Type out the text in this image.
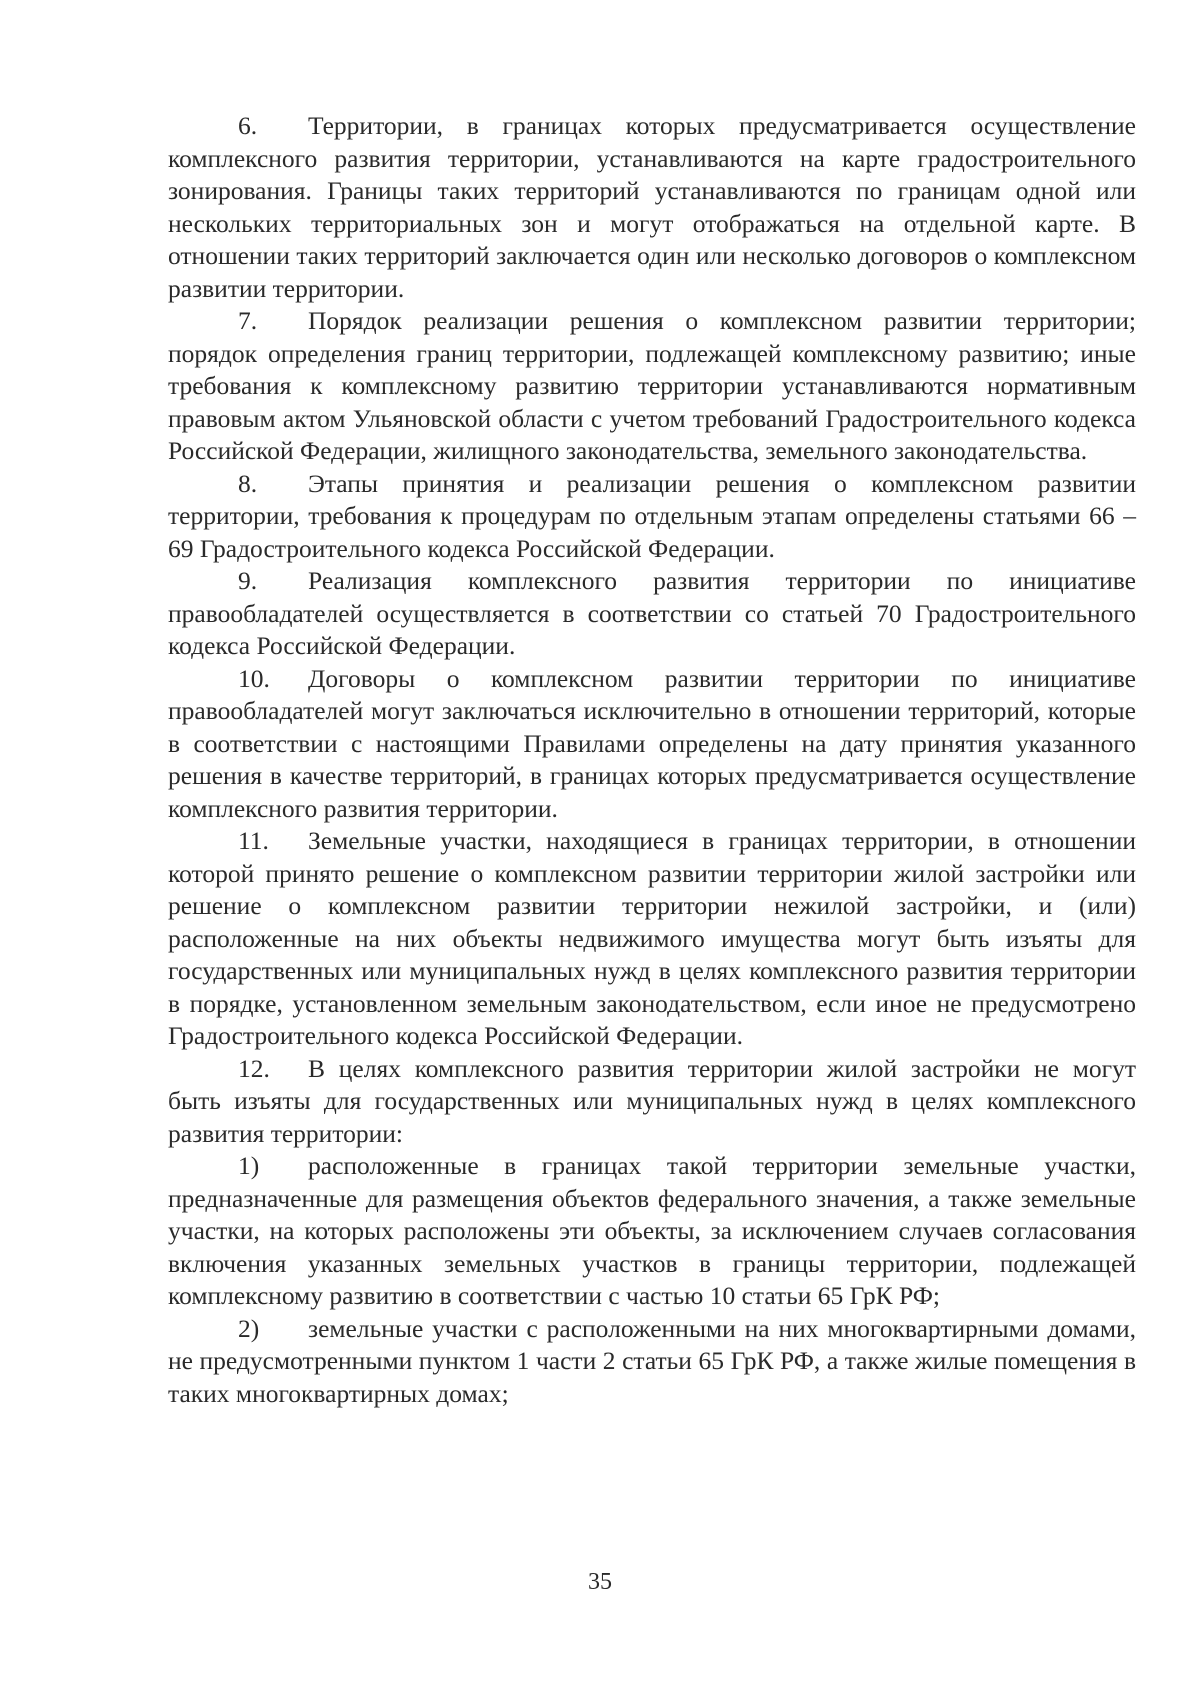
6. Территории, в границах которых предусматривается осуществление комплексного развития территории, устанавливаются на карте градостроительного зонирования. Границы таких территорий устанавливаются по границам одной или нескольких территориальных зон и могут отображаться на отдельной карте. В отношении таких территорий заключается один или несколько договоров о комплексном развитии территории.

7. Порядок реализации решения о комплексном развитии территории; порядок определения границ территории, подлежащей комплексному развитию; иные требования к комплексному развитию территории устанавливаются нормативным правовым актом Ульяновской области с учетом требований Градостроительного кодекса Российской Федерации, жилищного законодательства, земельного законодательства.

8. Этапы принятия и реализации решения о комплексном развитии территории, требования к процедурам по отдельным этапам определены статьями 66 – 69 Градостроительного кодекса Российской Федерации.

9. Реализация комплексного развития территории по инициативе правообладателей осуществляется в соответствии со статьей 70 Градостроительного кодекса Российской Федерации.

10. Договоры о комплексном развитии территории по инициативе правообладателей могут заключаться исключительно в отношении территорий, которые в соответствии с настоящими Правилами определены на дату принятия указанного решения в качестве территорий, в границах которых предусматривается осуществление комплексного развития территории.

11. Земельные участки, находящиеся в границах территории, в отношении которой принято решение о комплексном развитии территории жилой застройки или решение о комплексном развитии территории нежилой застройки, и (или) расположенные на них объекты недвижимого имущества могут быть изъяты для государственных или муниципальных нужд в целях комплексного развития территории в порядке, установленном земельным законодательством, если иное не предусмотрено Градостроительного кодекса Российской Федерации.

12. В целях комплексного развития территории жилой застройки не могут быть изъяты для государственных или муниципальных нужд в целях комплексного развития территории:

1) расположенные в границах такой территории земельные участки, предназначенные для размещения объектов федерального значения, а также земельные участки, на которых расположены эти объекты, за исключением случаев согласования включения указанных земельных участков в границы территории, подлежащей комплексному развитию в соответствии с частью 10 статьи 65 ГрК РФ;

2) земельные участки с расположенными на них многоквартирными домами, не предусмотренными пунктом 1 части 2 статьи 65 ГрК РФ, а также жилые помещения в таких многоквартирных домах;

35
